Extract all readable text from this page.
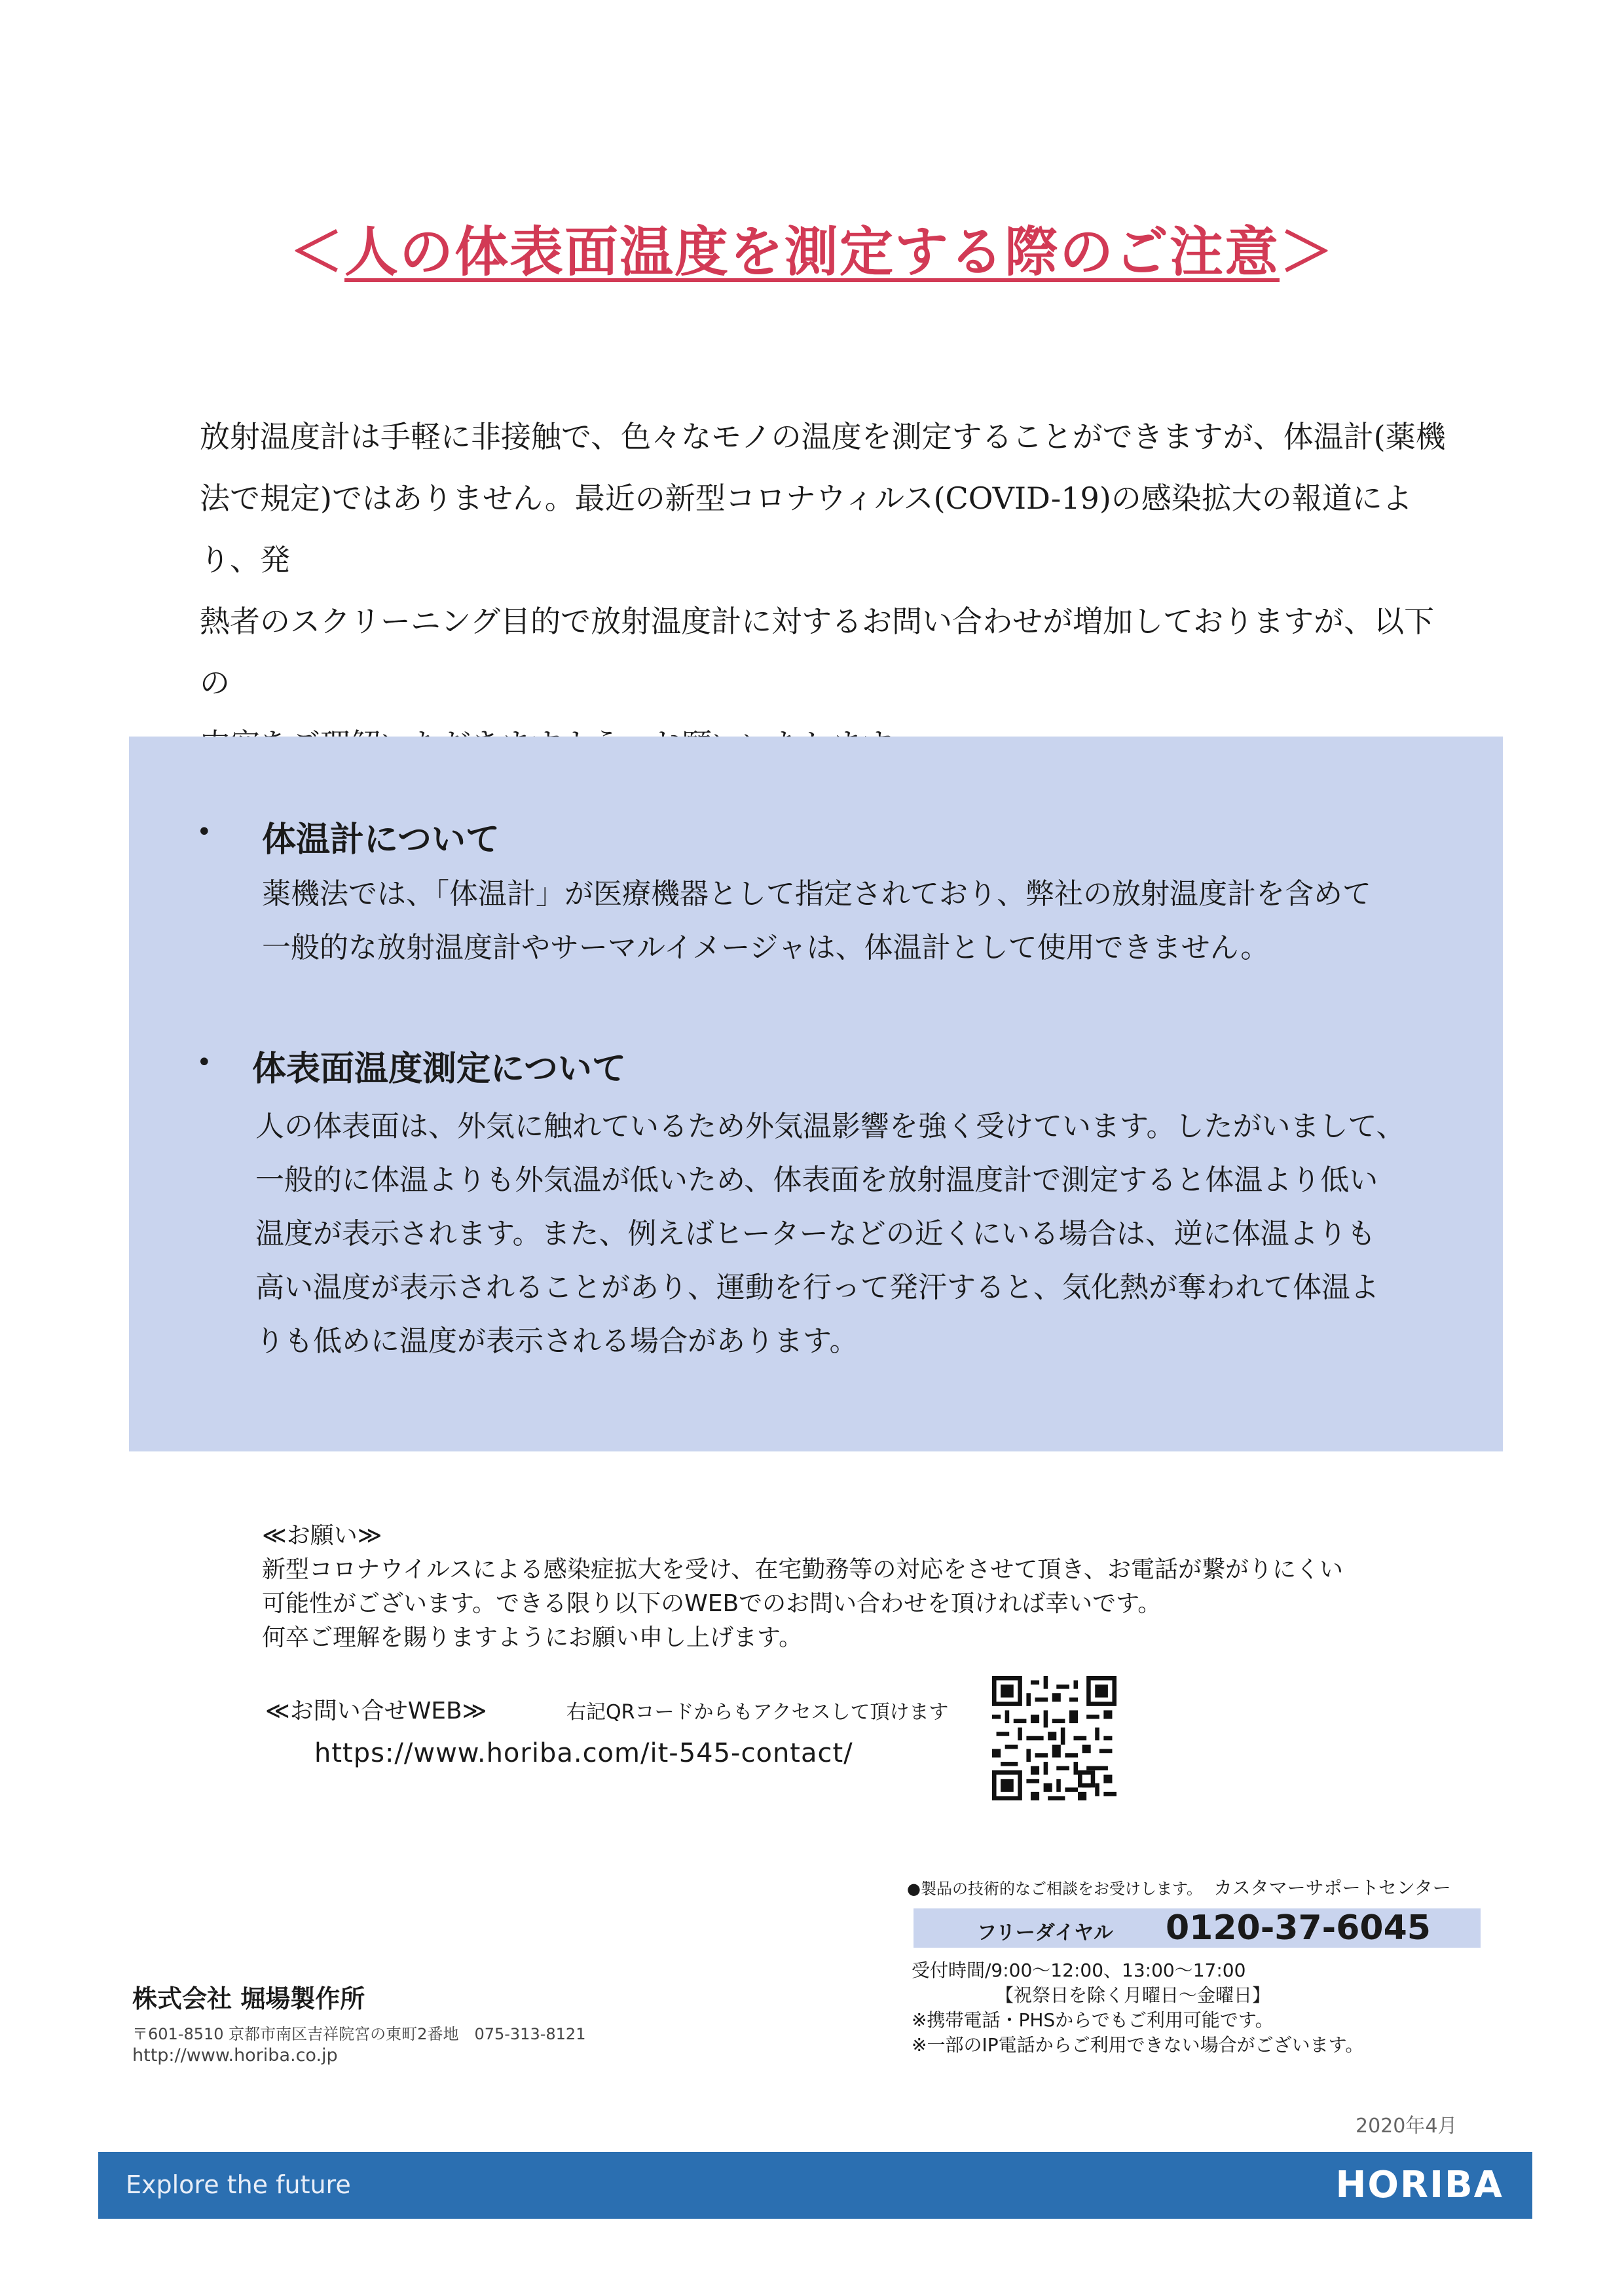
＜人の体表面温度を測定する際のご注意＞
放射温度計は手軽に非接触で、色々なモノの温度を測定することができますが、体温計(薬機
法で規定)ではありません。最近の新型コロナウィルス(COVID-19)の感染拡大の報道により、発
熱者のスクリーニング目的で放射温度計に対するお問い合わせが増加しておりますが、以下の
• 体温計について
薬機法では、「体温計」が医療機器として指定されており、弊社の放射温度計を含めて
一般的な放射温度計やサーマルイメージャは、体温計として使用できません。
• 体表面温度測定について
人の体表面は、外気に触れているため外気温影響を強く受けています。したがいまして、
一般的に体温よりも外気温が低いため、体表面を放射温度計で測定すると体温より低い
温度が表示されます。また、例えばヒーターなどの近くにいる場合は、逆に体温よりも
高い温度が表示されることがあり、運動を行って発汗すると、気化熱が奪われて体温よ
りも低めに温度が表示される場合があります。
≪お願い≫
新型コロナウイルスによる感染症拡大を受け、在宅勤務等の対応をさせて頂き、お電話が繋がりにくい
可能性がございます。できる限り以下のWEBでのお問い合わせを頂ければ幸いです。
何卒ご理解を賜りますようにお願い申し上げます。
≪お問い合せWEB≫	右記QRコードからもアクセスして頂けます
https://www.horiba.com/it-545-contact/
●製品の技術的なご相談をお受けします。 カスタマーサポートセンター
フリーダイヤル 0120-37-6045
受付時間/9:00～12:00、13:00～17:00
【祝祭日を除く月曜日～金曜日】
※携帯電話・PHSからでもご利用可能です。
※一部のIP電話からご利用できない場合がございます。
株式会社 堀場製作所
〒601-8510 京都市南区吉祥院宮の東町2番地　075-313-8121
http://www.horiba.co.jp
2020年4月
Explore the future	HORIBA
